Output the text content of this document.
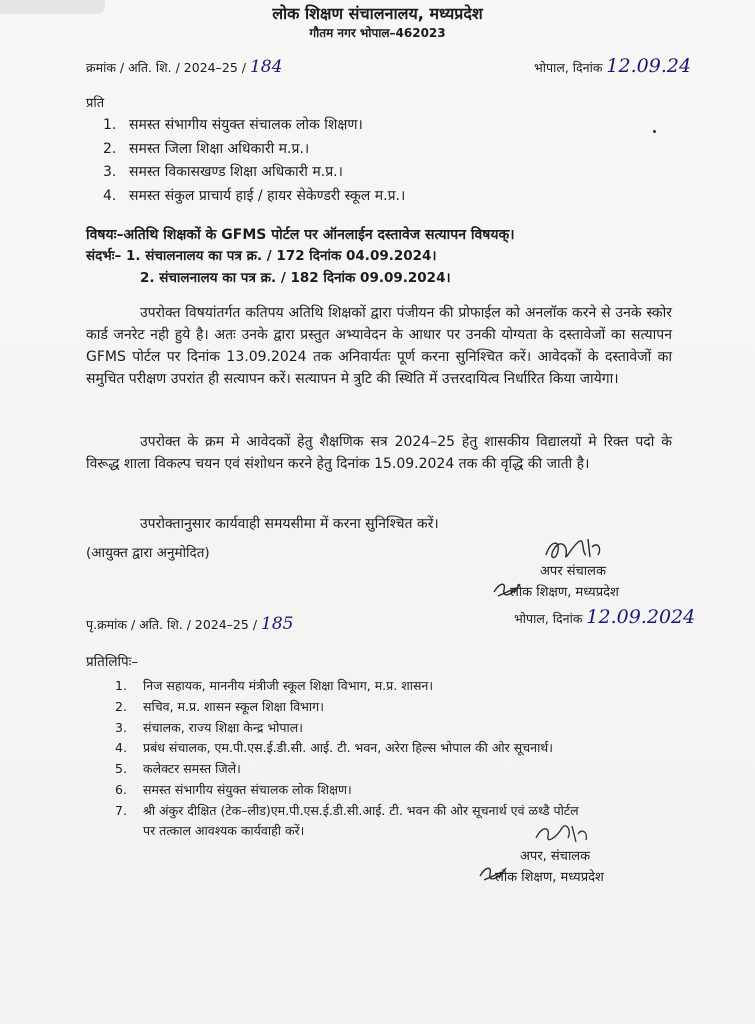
लोक शिक्षण संचालनालय, मध्यप्रदेश
गौतम नगर भोपाल–462023
क्रमांक / अति. शि. / 2024–25 / 184	भोपाल, दिनांक 12.09.24
प्रति
1. समस्त संभागीय संयुक्त संचालक लोक शिक्षण।
2. समस्त जिला शिक्षा अधिकारी म.प्र.।
3. समस्त विकासखण्ड शिक्षा अधिकारी म.प्र.।
4. समस्त संकुल प्राचार्य हाई / हायर सेकेण्डरी स्कूल म.प्र.।
विषयः–अतिथि शिक्षकों के GFMS पोर्टल पर ऑनलाईन दस्तावेज सत्यापन विषयक्।
संदर्भः– 1. संचालनालय का पत्र क्र. / 172 दिनांक 04.09.2024।
2. संचालनालय का पत्र क्र. / 182 दिनांक 09.09.2024।
उपरोक्त विषयांतर्गत कतिपय अतिथि शिक्षकों द्वारा पंजीयन की प्रोफाईल को अनलॉक करने से उनके स्कोर कार्ड जनरेट नही हुये है। अतः उनके द्वारा प्रस्तुत अभ्यावेदन के आधार पर उनकी योग्यता के दस्तावेजों का सत्यापन GFMS पोर्टल पर दिनांक 13.09.2024 तक अनिवार्यतः पूर्ण करना सुनिश्चित करें। आवेदकों के दस्तावेजों का समुचित परीक्षण उपरांत ही सत्यापन करें। सत्यापन मे त्रुटि की स्थिति में उत्तरदायित्व निर्धारित किया जायेगा।
उपरोक्त के क्रम मे आवेदकों हेतु शैक्षणिक सत्र 2024–25 हेतु शासकीय विद्यालयों मे रिक्त पदो के विरूद्ध शाला विकल्प चयन एवं संशोधन करने हेतु दिनांक 15.09.2024 तक की वृद्धि की जाती है।
उपरोक्तानुसार कार्यवाही समयसीमा में करना सुनिश्चित करें।
(आयुक्त द्वारा अनुमोदित)
अपर संचालक
लोक शिक्षण, मध्यप्रदेश
भोपाल, दिनांक 12.09.2024
पृ.क्रमांक / अति. शि. / 2024–25 / 185
प्रतिलिपिः–
1. निज सहायक, माननीय मंत्रीजी स्कूल शिक्षा विभाग, म.प्र. शासन।
2. सचिव, म.प्र. शासन स्कूल शिक्षा विभाग।
3. संचालक, राज्य शिक्षा केन्द्र भोपाल।
4. प्रबंध संचालक, एम.पी.एस.ई.डी.सी. आई. टी. भवन, अरेरा हिल्स भोपाल की ओर सूचनार्थ।
5. कलेक्टर समस्त जिले।
6. समस्त संभागीय संयुक्त संचालक लोक शिक्षण।
7. श्री अंकुर दीक्षित (टेक–लीड)एम.पी.एस.ई.डी.सी.आई. टी. भवन की ओर सूचनार्थ एवं ळथ्डै पोर्टल
पर तत्काल आवश्यक कार्यवाही करें।
अपर, संचालक
लोक शिक्षण, मध्यप्रदेश
